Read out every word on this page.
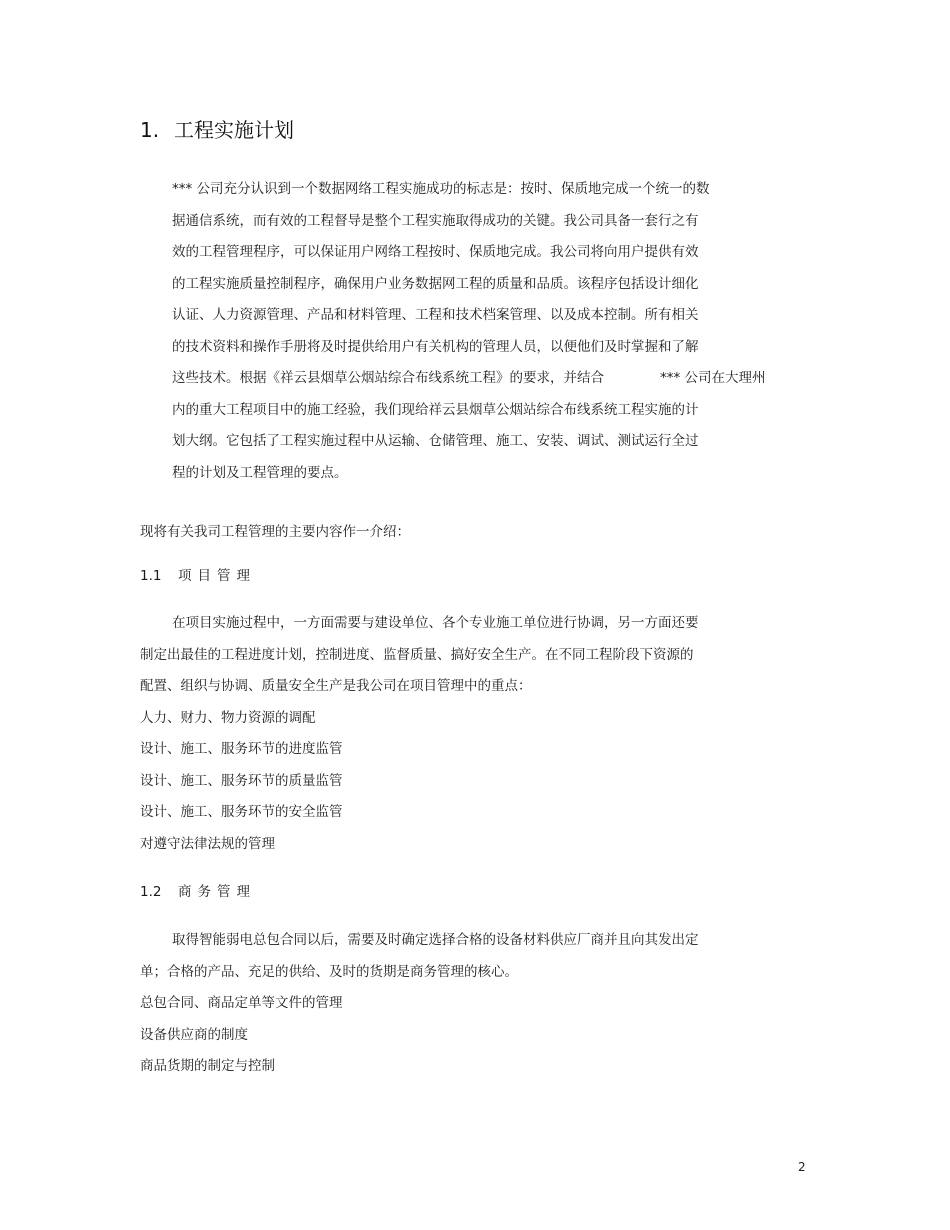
1. 工程实施计划
*** 公司充分认识到一个数据网络工程实施成功的标志是：按时、保质地完成一个统一的数
据通信系统，而有效的工程督导是整个工程实施取得成功的关键。我公司具备一套行之有
效的工程管理程序，可以保证用户网络工程按时、保质地完成。我公司将向用户提供有效
的工程实施质量控制程序，确保用户业务数据网工程的质量和品质。该程序包括设计细化
认证、人力资源管理、产品和材料管理、工程和技术档案管理、以及成本控制。所有相关
的技术资料和操作手册将及时提供给用户有关机构的管理人员，以便他们及时掌握和了解
这些技术。根据《祥云县烟草公烟站综合布线系统工程》的要求，并结合	*** 公司在大理州
内的重大工程项目中的施工经验，我们现给祥云县烟草公烟站综合布线系统工程实施的计
划大纲。它包括了工程实施过程中从运输、仓储管理、施工、安装、调试、测试运行全过
程的计划及工程管理的要点。
现将有关我司工程管理的主要内容作一介绍：
1.1 项目管理
在项目实施过程中，一方面需要与建设单位、各个专业施工单位进行协调，另一方面还要
制定出最佳的工程进度计划，控制进度、监督质量、搞好安全生产。在不同工程阶段下资源的
配置、组织与协调、质量安全生产是我公司在项目管理中的重点：
人力、财力、物力资源的调配
设计、施工、服务环节的进度监管
设计、施工、服务环节的质量监管
设计、施工、服务环节的安全监管
对遵守法律法规的管理
1.2 商务管理
取得智能弱电总包合同以后，需要及时确定选择合格的设备材料供应厂商并且向其发出定
单；合格的产品、充足的供给、及时的货期是商务管理的核心。
总包合同、商品定单等文件的管理
设备供应商的制度
商品货期的制定与控制
2
